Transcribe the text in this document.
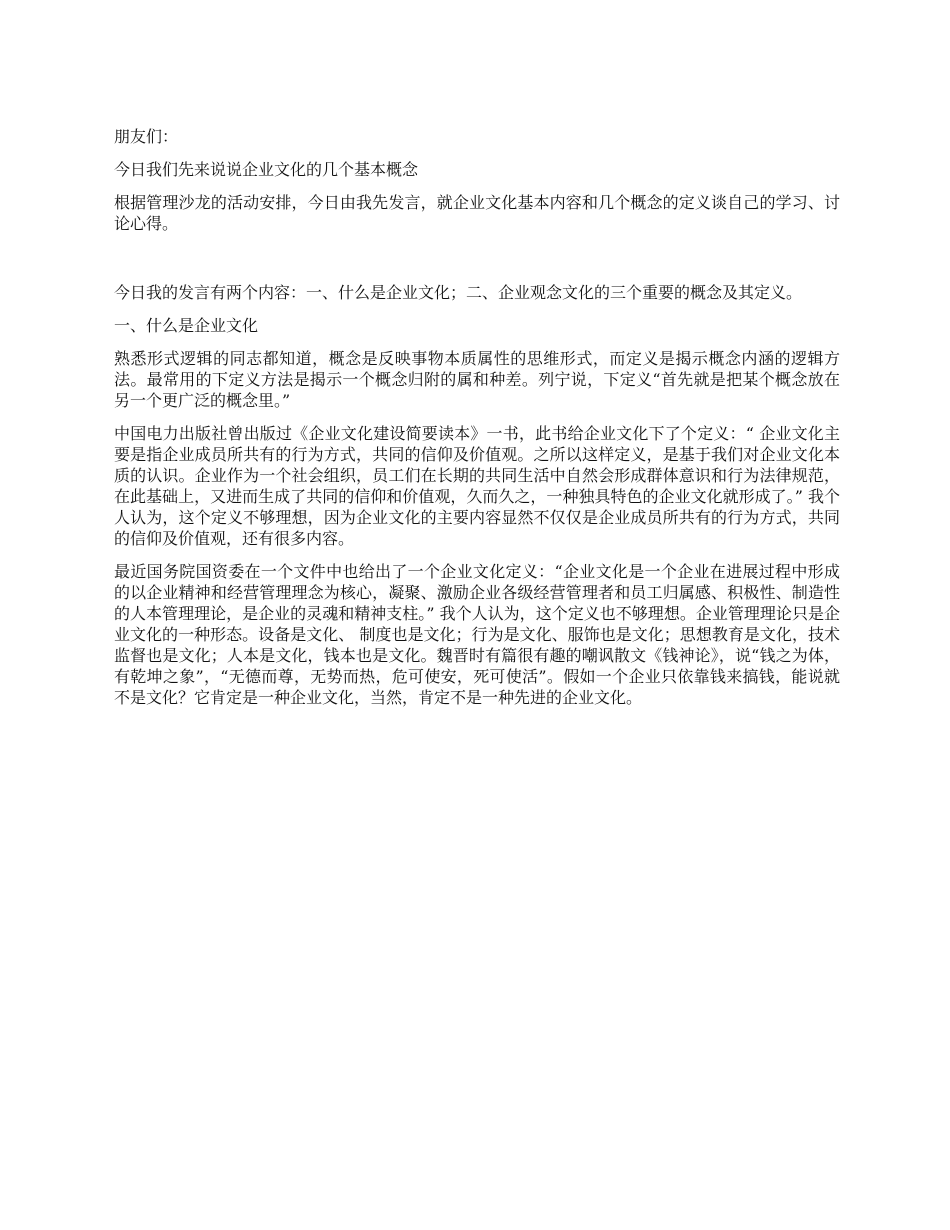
朋友们：

今日我们先来说说企业文化的几个基本概念

根据管理沙龙的活动安排，今日由我先发言，就企业文化基本内容和几个概念的定义谈自己的学习、讨论心得。

今日我的发言有两个内容：一、什么是企业文化；二、企业观念文化的三个重要的概念及其定义。

一、什么是企业文化

熟悉形式逻辑的同志都知道，概念是反映事物本质属性的思维形式，而定义是揭示概念内涵的逻辑方法。最常用的下定义方法是揭示一个概念归附的属和种差。列宁说，下定义“首先就是把某个概念放在另一个更广泛的概念里。”

中国电力出版社曾出版过《企业文化建设简要读本》一书，此书给企业文化下了个定义：“ 企业文化主要是指企业成员所共有的行为方式，共同的信仰及价值观。之所以这样定义，是基于我们对企业文化本质的认识。企业作为一个社会组织，员工们在长期的共同生活中自然会形成群体意识和行为法律规范，在此基础上，又进而生成了共同的信仰和价值观，久而久之，一种独具特色的企业文化就形成了。” 我个人认为，这个定义不够理想，因为企业文化的主要内容显然不仅仅是企业成员所共有的行为方式，共同的信仰及价值观，还有很多内容。

最近国务院国资委在一个文件中也给出了一个企业文化定义：“企业文化是一个企业在进展过程中形成的以企业精神和经营管理理念为核心，凝聚、激励企业各级经营管理者和员工归属感、积极性、制造性的人本管理理论，是企业的灵魂和精神支柱。” 我个人认为，这个定义也不够理想。企业管理理论只是企业文化的一种形态。设备是文化、 制度也是文化；行为是文化、服饰也是文化；思想教育是文化，技术监督也是文化；人本是文化，钱本也是文化。魏晋时有篇很有趣的嘲讽散文《钱神论》，说“钱之为体，有乾坤之象”，“无德而尊，无势而热，危可使安，死可使活”。假如一个企业只依靠钱来搞钱，能说就不是文化？它肯定是一种企业文化，当然，肯定不是一种先进的企业文化。
